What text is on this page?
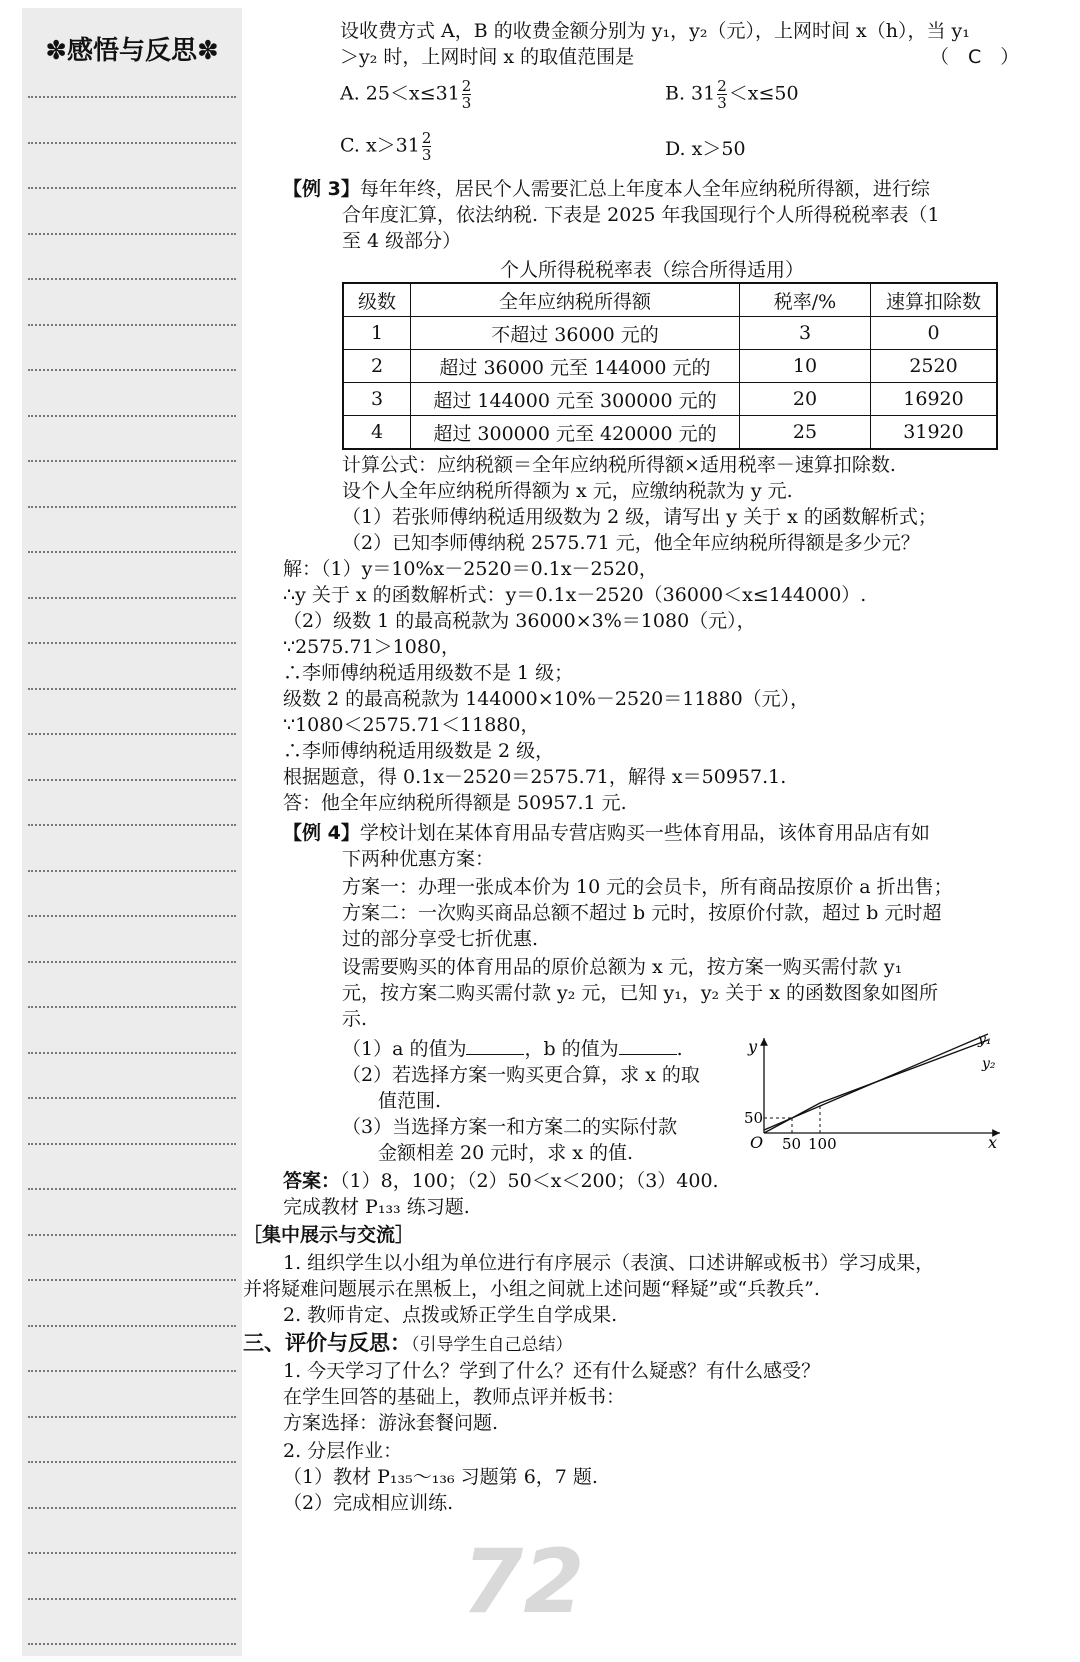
✽感悟与反思✽
设收费方式 A，B 的收费金额分别为 y₁，y₂（元），上网时间 x（h），当 y₁
＞y₂ 时，上网时间 x 的取值范围是	（　C　）
A. $25<x\le 31 \frac{2}{3}$	B. $31 \frac{2}{3} <x\le 50$
C. $x>31 \frac{2}{3}$	D. x＞50
【例 3】每年年终，居民个人需要汇总上年度本人全年应纳税所得额，进行综
合年度汇算，依法纳税. 下表是 2025 年我国现行个人所得税税率表（1
至 4 级部分）
个人所得税税率表（综合所得适用）
级数	全年应纳税所得额	税率/%	速算扣除数
1	不超过 36000 元的	3	0
2	超过 36000 元至 144000 元的	10	2520
3	超过 144000 元至 300000 元的	20	16920
4	超过 300000 元至 420000 元的	25	31920
计算公式：应纳税额＝全年应纳税所得额×适用税率－速算扣除数.
设个人全年应纳税所得额为 x 元，应缴纳税款为 y 元.
（1）若张师傅纳税适用级数为 2 级，请写出 y 关于 x 的函数解析式；
（2）已知李师傅纳税 2575.71 元，他全年应纳税所得额是多少元？
解：（1）y＝10%x－2520＝0.1x－2520，
∴y 关于 x 的函数解析式：y＝0.1x－2520（36000＜x≤144000）.
（2）级数 1 的最高税款为 36000×3%＝1080（元），
∵2575.71＞1080，
∴李师傅纳税适用级数不是 1 级；
级数 2 的最高税款为 144000×10%－2520＝11880（元），
∵1080＜2575.71＜11880，
∴李师傅纳税适用级数是 2 级，
根据题意，得 0.1x－2520＝2575.71，解得 x＝50957.1.
答：他全年应纳税所得额是 50957.1 元.
【例 4】学校计划在某体育用品专营店购买一些体育用品，该体育用品店有如
下两种优惠方案：
方案一：办理一张成本价为 10 元的会员卡，所有商品按原价 a 折出售；
方案二：一次购买商品总额不超过 b 元时，按原价付款，超过 b 元时超
过的部分享受七折优惠.
设需要购买的体育用品的原价总额为 x 元，按方案一购买需付款 y₁
元，按方案二购买需付款 y₂ 元，已知 y₁，y₂ 关于 x 的函数图象如图所
示.
（1）a 的值为	，b 的值为	.
（2）若选择方案一购买更合算，求 x 的取
值范围.
（3）当选择方案一和方案二的实际付款
金额相差 20 元时，求 x 的值.
y
x
O
50
50 100
y₁
y₂
答案：（1）8，100；（2）50＜x＜200；（3）400.
完成教材 P₁₃₃ 练习题.
［集中展示与交流］
1. 组织学生以小组为单位进行有序展示（表演、口述讲解或板书）学习成果，
并将疑难问题展示在黑板上，小组之间就上述问题“释疑”或“兵教兵”.
2. 教师肯定、点拨或矫正学生自学成果.
三、评价与反思：（引导学生自己总结）
1. 今天学习了什么？学到了什么？还有什么疑惑？有什么感受？
在学生回答的基础上，教师点评并板书：
方案选择：游泳套餐问题.
2. 分层作业：
（1）教材 P₁₃₅～₁₃₆ 习题第 6，7 题.
（2）完成相应训练.
72
